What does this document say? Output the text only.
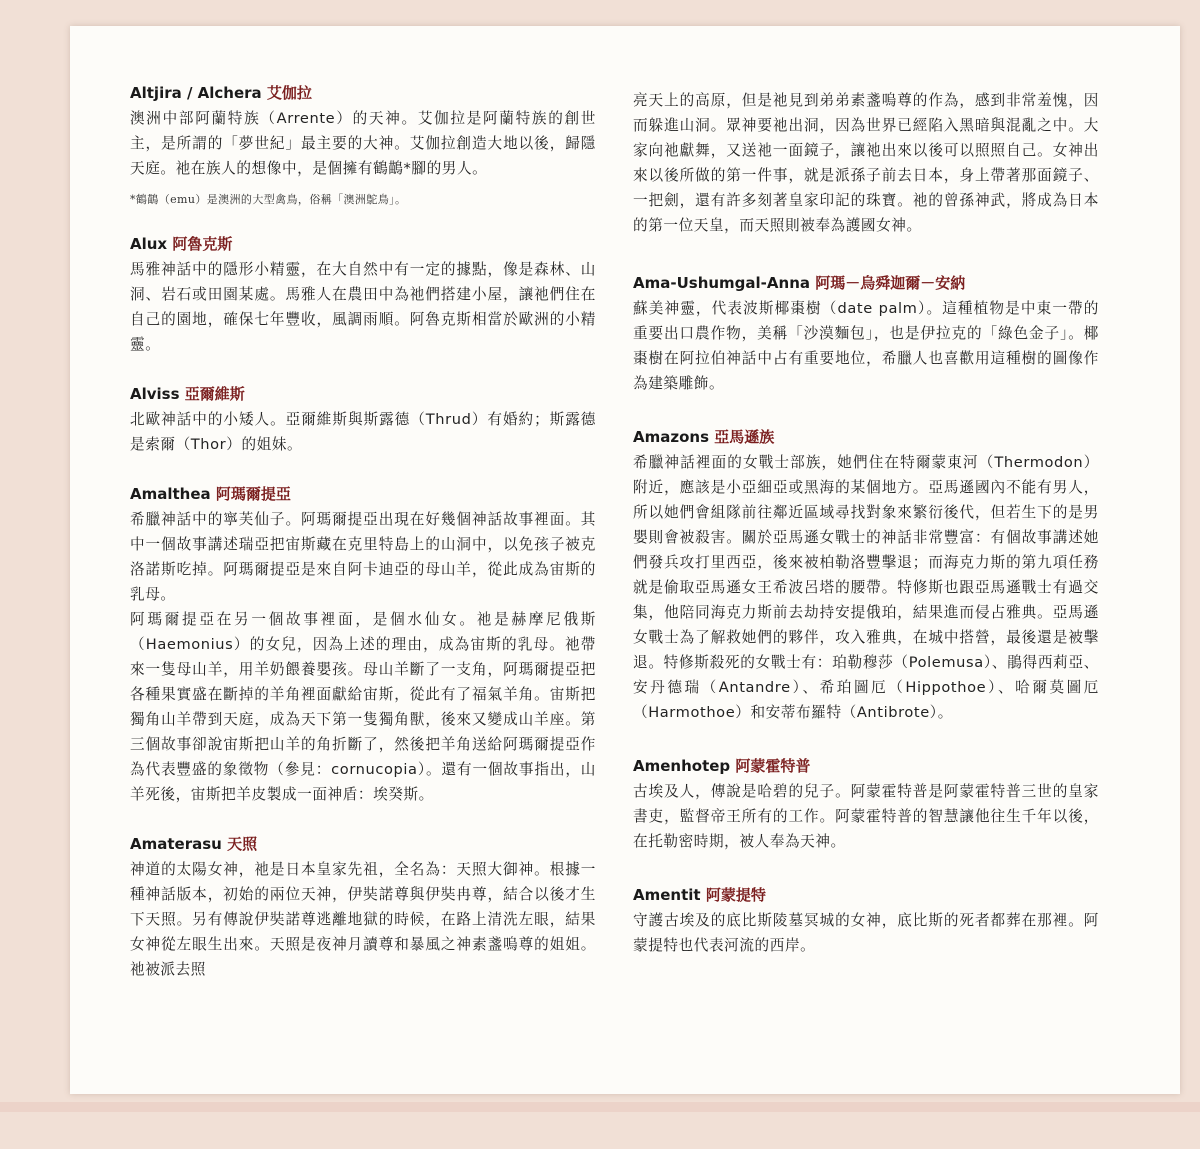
Altjira / Alchera 艾伽拉

澳洲中部阿蘭特族（Arrente）的天神。艾伽拉是阿蘭特族的創世主，是所謂的「夢世紀」最主要的大神。艾伽拉創造大地以後，歸隱天庭。祂在族人的想像中，是個擁有鶴鶓*腳的男人。

*鶴鶓（emu）是澳洲的大型禽鳥，俗稱「澳洲鴕鳥」。

Alux 阿魯克斯

馬雅神話中的隱形小精靈，在大自然中有一定的據點，像是森林、山洞、岩石或田園某處。馬雅人在農田中為祂們搭建小屋，讓祂們住在自己的園地，確保七年豐收，風調雨順。阿魯克斯相當於歐洲的小精靈。

Alviss 亞爾維斯

北歐神話中的小矮人。亞爾維斯與斯露德（Thrud）有婚約；斯露德是索爾（Thor）的姐妹。

Amalthea 阿瑪爾提亞

希臘神話中的寧芙仙子。阿瑪爾提亞出現在好幾個神話故事裡面。其中一個故事講述瑞亞把宙斯藏在克里特島上的山洞中，以免孩子被克洛諾斯吃掉。阿瑪爾提亞是來自阿卡迪亞的母山羊，從此成為宙斯的乳母。

阿瑪爾提亞在另一個故事裡面，是個水仙女。祂是赫摩尼俄斯（Haemonius）的女兒，因為上述的理由，成為宙斯的乳母。祂帶來一隻母山羊，用羊奶餵養嬰孩。母山羊斷了一支角，阿瑪爾提亞把各種果實盛在斷掉的羊角裡面獻給宙斯，從此有了福氣羊角。宙斯把獨角山羊帶到天庭，成為天下第一隻獨角獸，後來又變成山羊座。第三個故事卻說宙斯把山羊的角折斷了，然後把羊角送給阿瑪爾提亞作為代表豐盛的象徵物（參見：cornucopia）。還有一個故事指出，山羊死後，宙斯把羊皮製成一面神盾：埃癸斯。

Amaterasu 天照

神道的太陽女神，祂是日本皇家先祖，全名為：天照大御神。根據一種神話版本，初始的兩位天神，伊奘諾尊與伊奘冉尊，結合以後才生下天照。另有傳說伊奘諾尊逃離地獄的時候，在路上清洗左眼，結果女神從左眼生出來。天照是夜神月讀尊和暴風之神素盞嗚尊的姐姐。祂被派去照

亮天上的高原，但是祂見到弟弟素盞嗚尊的作為，感到非常羞愧，因而躲進山洞。眾神要祂出洞，因為世界已經陷入黑暗與混亂之中。大家向祂獻舞，又送祂一面鏡子，讓祂出來以後可以照照自己。女神出來以後所做的第一件事，就是派孫子前去日本，身上帶著那面鏡子、一把劍，還有許多刻著皇家印記的珠寶。祂的曾孫神武，將成為日本的第一位天皇，而天照則被奉為護國女神。

Ama-Ushumgal-Anna 阿瑪－烏舜迦爾－安納

蘇美神靈，代表波斯椰棗樹（date palm）。這種植物是中東一帶的重要出口農作物，美稱「沙漠麵包」，也是伊拉克的「綠色金子」。椰棗樹在阿拉伯神話中占有重要地位，希臘人也喜歡用這種樹的圖像作為建築雕飾。

Amazons 亞馬遜族

希臘神話裡面的女戰士部族，她們住在特爾蒙東河（Thermodon）附近，應該是小亞細亞或黑海的某個地方。亞馬遜國內不能有男人，所以她們會組隊前往鄰近區域尋找對象來繁衍後代，但若生下的是男嬰則會被殺害。關於亞馬遜女戰士的神話非常豐富：有個故事講述她們發兵攻打里西亞，後來被柏勒洛豐擊退；而海克力斯的第九項任務就是偷取亞馬遜女王希波呂塔的腰帶。特修斯也跟亞馬遜戰士有過交集，他陪同海克力斯前去劫持安提俄珀，結果進而侵占雅典。亞馬遜女戰士為了解救她們的夥伴，攻入雅典，在城中搭營，最後還是被擊退。特修斯殺死的女戰士有：珀勒穆莎（Polemusa）、鵑得西莉亞、安丹德瑞（Antandre）、希珀圖厄（Hippothoe）、哈爾莫圖厄（Harmothoe）和安蒂布羅特（Antibrote）。

Amenhotep 阿蒙霍特普

古埃及人，傳說是哈碧的兒子。阿蒙霍特普是阿蒙霍特普三世的皇家書吏，監督帝王所有的工作。阿蒙霍特普的智慧讓他往生千年以後，在托勒密時期，被人奉為天神。

Amentit 阿蒙提特

守護古埃及的底比斯陵墓冥城的女神，底比斯的死者都葬在那裡。阿蒙提特也代表河流的西岸。
